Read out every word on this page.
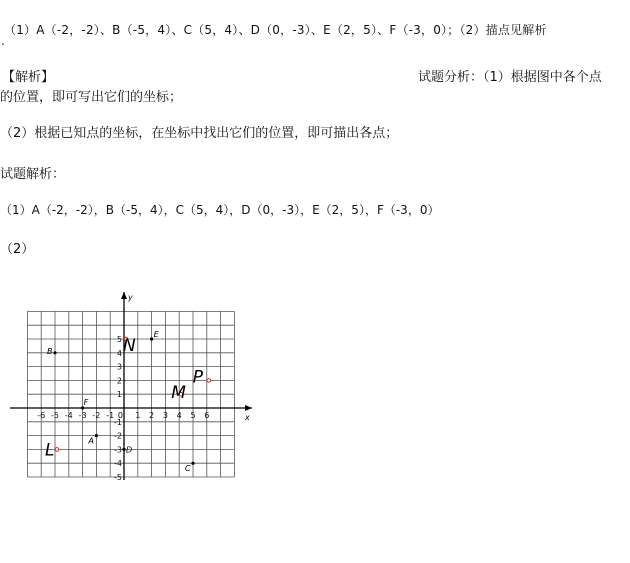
（1）A（-2，-2）、B（-5，4）、C（5，4）、D（0，-3）、E（2，5）、F（-3，0）；（2）描点见解析
.
【解析】	试题分析：（1）根据图中各个点
的位置，即可写出它们的坐标；
（2）根据已知点的坐标，在坐标中找出它们的位置，即可描出各点；
试题解析：
（1）A（-2，-2），B（-5，4），C（5，4），D（0，-3），E（2，5），F（-3，0）
（2）
x
y
0
-6 -5 -4 -3 -2 -1	1 2 3 4 5 6
5
4
3
2
1
-1
-2
-3
-4
-5
A
B
C
D
E
F
N
P
M
L
